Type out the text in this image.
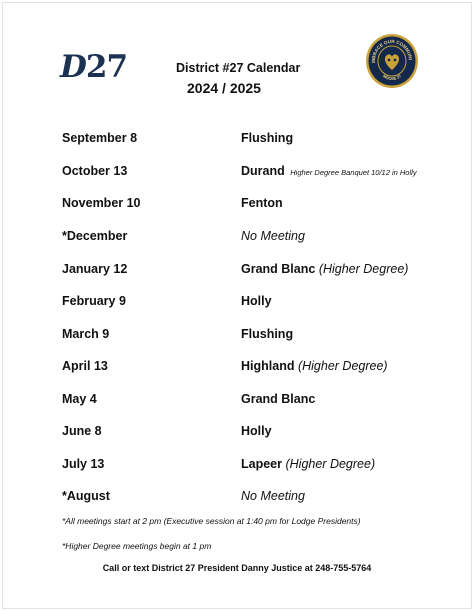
D27	District #27 Calendar
2024 / 2025
MBRACE OUR COMMUNI
MOOSE 27
September 8	Flushing
October 13	Durand Higher Degree Banquet 10/12 in Holly
November 10	Fenton
*December	No Meeting
January 12	Grand Blanc (Higher Degree)
February 9	Holly
March 9	Flushing
April 13	Highland (Higher Degree)
May 4	Grand Blanc
June 8	Holly
July 13	Lapeer (Higher Degree)
*August	No Meeting
*All meetings start at 2 pm (Executive session at 1:40 pm for Lodge Presidents)
*Higher Degree meetings begin at 1 pm
Call or text District 27 President Danny Justice at 248-755-5764
